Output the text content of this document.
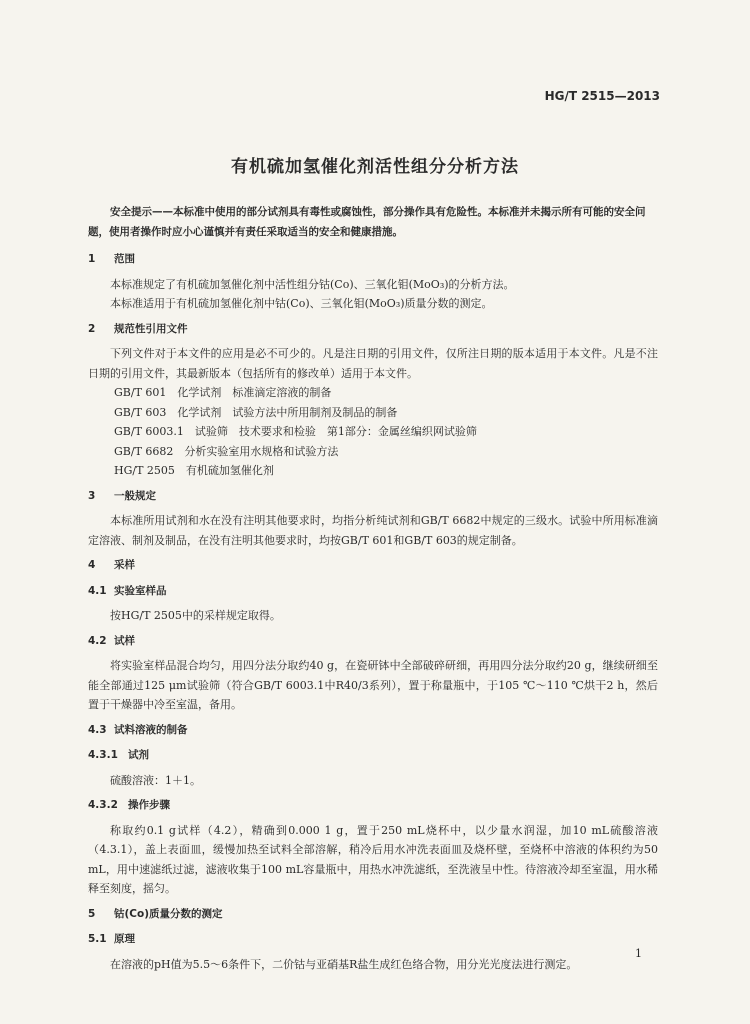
HG/T 2515—2013
有机硫加氢催化剂活性组分分析方法

安全提示——本标准中使用的部分试剂具有毒性或腐蚀性，部分操作具有危险性。本标准并未揭示所有可能的安全问题，使用者操作时应小心谨慎并有责任采取适当的安全和健康措施。

1 范围

本标准规定了有机硫加氢催化剂中活性组分钴(Co)、三氧化钼(MoO₃)的分析方法。

本标准适用于有机硫加氢催化剂中钴(Co)、三氧化钼(MoO₃)质量分数的测定。

2 规范性引用文件

下列文件对于本文件的应用是必不可少的。凡是注日期的引用文件，仅所注日期的版本适用于本文件。凡是不注日期的引用文件，其最新版本（包括所有的修改单）适用于本文件。

GB/T 601　化学试剂　标准滴定溶液的制备

GB/T 603　化学试剂　试验方法中所用制剂及制品的制备

GB/T 6003.1　试验筛　技术要求和检验　第1部分：金属丝编织网试验筛

GB/T 6682　分析实验室用水规格和试验方法

HG/T 2505　有机硫加氢催化剂

3 一般规定

本标准所用试剂和水在没有注明其他要求时，均指分析纯试剂和GB/T 6682中规定的三级水。试验中所用标准滴定溶液、制剂及制品，在没有注明其他要求时，均按GB/T 601和GB/T 603的规定制备。

4 采样
4.1 实验室样品

按HG/T 2505中的采样规定取得。

4.2 试样

将实验室样品混合均匀，用四分法分取约40 g，在瓷研钵中全部破碎研细，再用四分法分取约20 g，继续研细至能全部通过125 μm试验筛（符合GB/T 6003.1中R40/3系列），置于称量瓶中，于105 ℃～110 ℃烘干2 h，然后置于干燥器中冷至室温，备用。

4.3 试料溶液的制备
4.3.1 试剂

硫酸溶液：1＋1。

4.3.2 操作步骤

称取约0.1 g试样（4.2），精确到0.000 1 g，置于250 mL烧杯中，以少量水润湿，加10 mL硫酸溶液（4.3.1），盖上表面皿，缓慢加热至试料全部溶解，稍冷后用水冲洗表面皿及烧杯壁，至烧杯中溶液的体积约为50 mL，用中速滤纸过滤，滤液收集于100 mL容量瓶中，用热水冲洗滤纸，至洗液呈中性。待溶液冷却至室温，用水稀释至刻度，摇匀。

5 钴(Co)质量分数的测定
5.1 原理

在溶液的pH值为5.5～6条件下，二价钴与亚硝基R盐生成红色络合物，用分光光度法进行测定。

1
